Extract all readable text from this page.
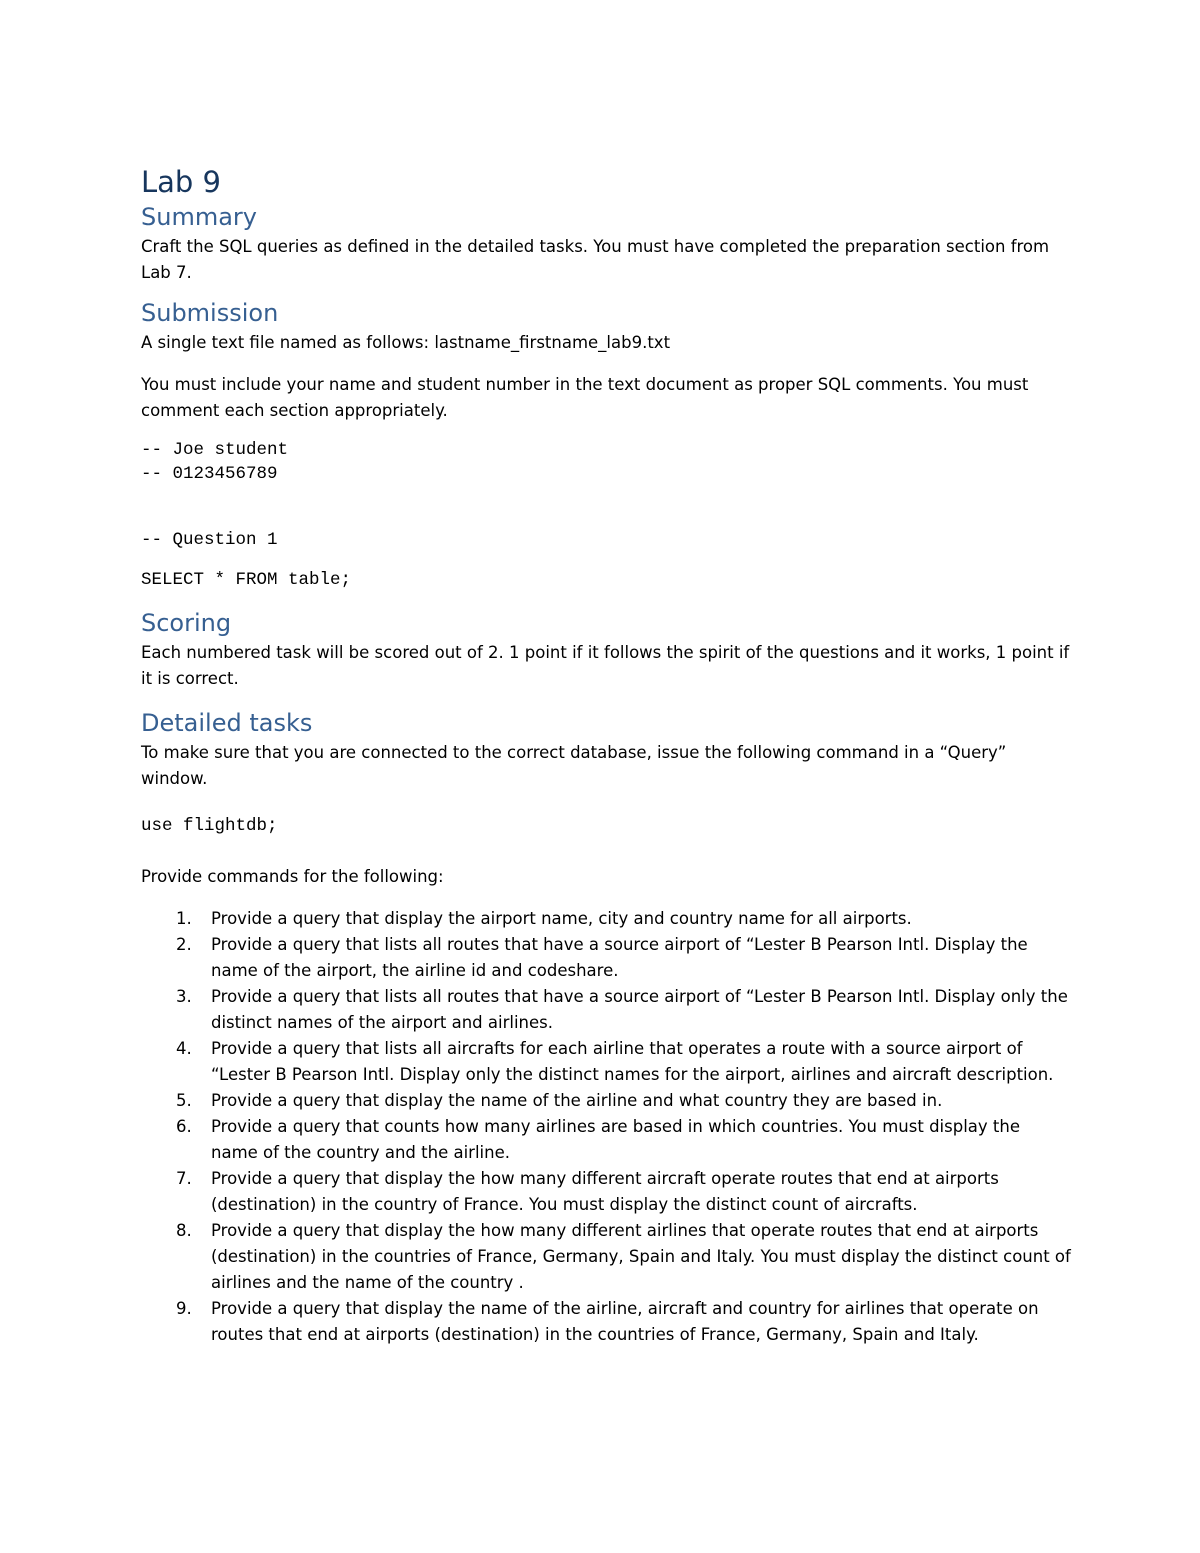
Lab 9
Summary

Craft the SQL queries as defined in the detailed tasks. You must have completed the preparation section from Lab 7.

Submission

A single text file named as follows: lastname_firstname_lab9.txt

You must include your name and student number in the text document as proper SQL comments. You must comment each section appropriately.

-- Joe student
-- 0123456789
-- Question 1
SELECT * FROM table;
Scoring

Each numbered task will be scored out of 2. 1 point if it follows the spirit of the questions and it works, 1 point if it is correct.

Detailed tasks

To make sure that you are connected to the correct database, issue the following command in a “Query” window.

use flightdb;

Provide commands for the following:

1. Provide a query that display the airport name, city and country name for all airports.
2. Provide a query that lists all routes that have a source airport of “Lester B Pearson Intl. Display the name of the airport, the airline id and codeshare.
3. Provide a query that lists all routes that have a source airport of “Lester B Pearson Intl. Display only the distinct names of the airport and airlines.
4. Provide a query that lists all aircrafts for each airline that operates a route with a source airport of “Lester B Pearson Intl. Display only the distinct names for the airport, airlines and aircraft description.
5. Provide a query that display the name of the airline and what country they are based in.
6. Provide a query that counts how many airlines are based in which countries. You must display the name of the country and the airline.
7. Provide a query that display the how many different aircraft operate routes that end at airports (destination) in the country of France. You must display the distinct count of aircrafts.
8. Provide a query that display the how many different airlines that operate routes that end at airports (destination) in the countries of France, Germany, Spain and Italy. You must display the distinct count of airlines and the name of the country .
9. Provide a query that display the name of the airline, aircraft and country for airlines that operate on routes that end at airports (destination) in the countries of France, Germany, Spain and Italy.
